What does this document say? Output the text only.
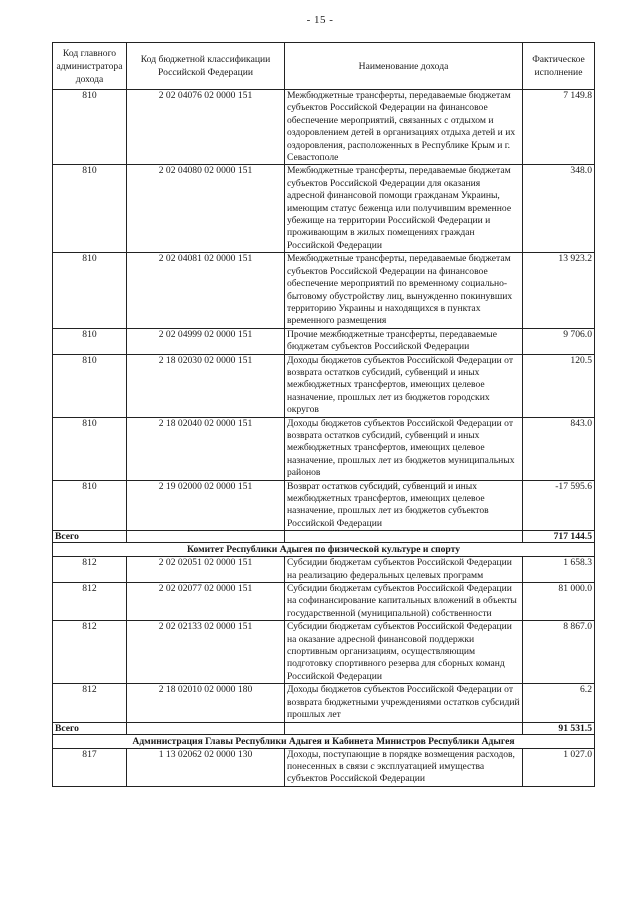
- 15 -
Код главного администратора дохода	Код бюджетной классификации Российской Федерации	Наименование дохода	Фактическое исполнение
810	2 02 04076 02 0000 151	Межбюджетные трансферты, передаваемые бюджетам субъектов Российской Федерации на финансовое обеспечение мероприятий, связанных с отдыхом и оздоровлением детей в организациях отдыха детей и их оздоровления, расположенных в Республике Крым и г. Севастополе	7 149.8
810	2 02 04080 02 0000 151	Межбюджетные трансферты, передаваемые бюджетам субъектов Российской Федерации для оказания адресной финансовой помощи гражданам Украины, имеющим статус беженца или получившим временное убежище на территории Российской Федерации и проживающим в жилых помещениях граждан Российской Федерации	348.0
810	2 02 04081 02 0000 151	Межбюджетные трансферты, передаваемые бюджетам субъектов Российской Федерации на финансовое обеспечение мероприятий по временному социально-бытовому обустройству лиц, вынужденно покинувших территорию Украины и находящихся в пунктах временного размещения	13 923.2
810	2 02 04999 02 0000 151	Прочие межбюджетные трансферты, передаваемые бюджетам субъектов Российской Федерации	9 706.0
810	2 18 02030 02 0000 151	Доходы бюджетов субъектов Российской Федерации от возврата остатков субсидий, субвенций и иных межбюджетных трансфертов, имеющих целевое назначение, прошлых лет из бюджетов городских округов	120.5
810	2 18 02040 02 0000 151	Доходы бюджетов субъектов Российской Федерации от возврата остатков субсидий, субвенций и иных межбюджетных трансфертов, имеющих целевое назначение, прошлых лет из бюджетов муниципальных районов	843.0
810	2 19 02000 02 0000 151	Возврат остатков субсидий, субвенций и иных межбюджетных трансфертов, имеющих целевое назначение, прошлых лет из бюджетов субъектов Российской Федерации	-17 595.6
Всего			717 144.5
Комитет Республики Адыгея по физической культуре и спорту			
812	2 02 02051 02 0000 151	Субсидии бюджетам субъектов Российской Федерации на реализацию федеральных целевых программ	1 658.3
812	2 02 02077 02 0000 151	Субсидии бюджетам субъектов Российской Федерации на софинансирование капитальных вложений в объекты государственной (муниципальной) собственности	81 000.0
812	2 02 02133 02 0000 151	Субсидии бюджетам субъектов Российской Федерации на оказание адресной финансовой поддержки спортивным организациям, осуществляющим подготовку спортивного резерва для сборных команд Российской Федерации	8 867.0
812	2 18 02010 02 0000 180	Доходы бюджетов субъектов Российской Федерации от возврата бюджетными учреждениями остатков субсидий прошлых лет	6.2
Всего			91 531.5
Администрация Главы Республики Адыгея и Кабинета Министров Республики Адыгея			
817	1 13 02062 02 0000 130	Доходы, поступающие в порядке возмещения расходов, понесенных в связи с эксплуатацией имущества субъектов Российской Федерации	1 027.0
